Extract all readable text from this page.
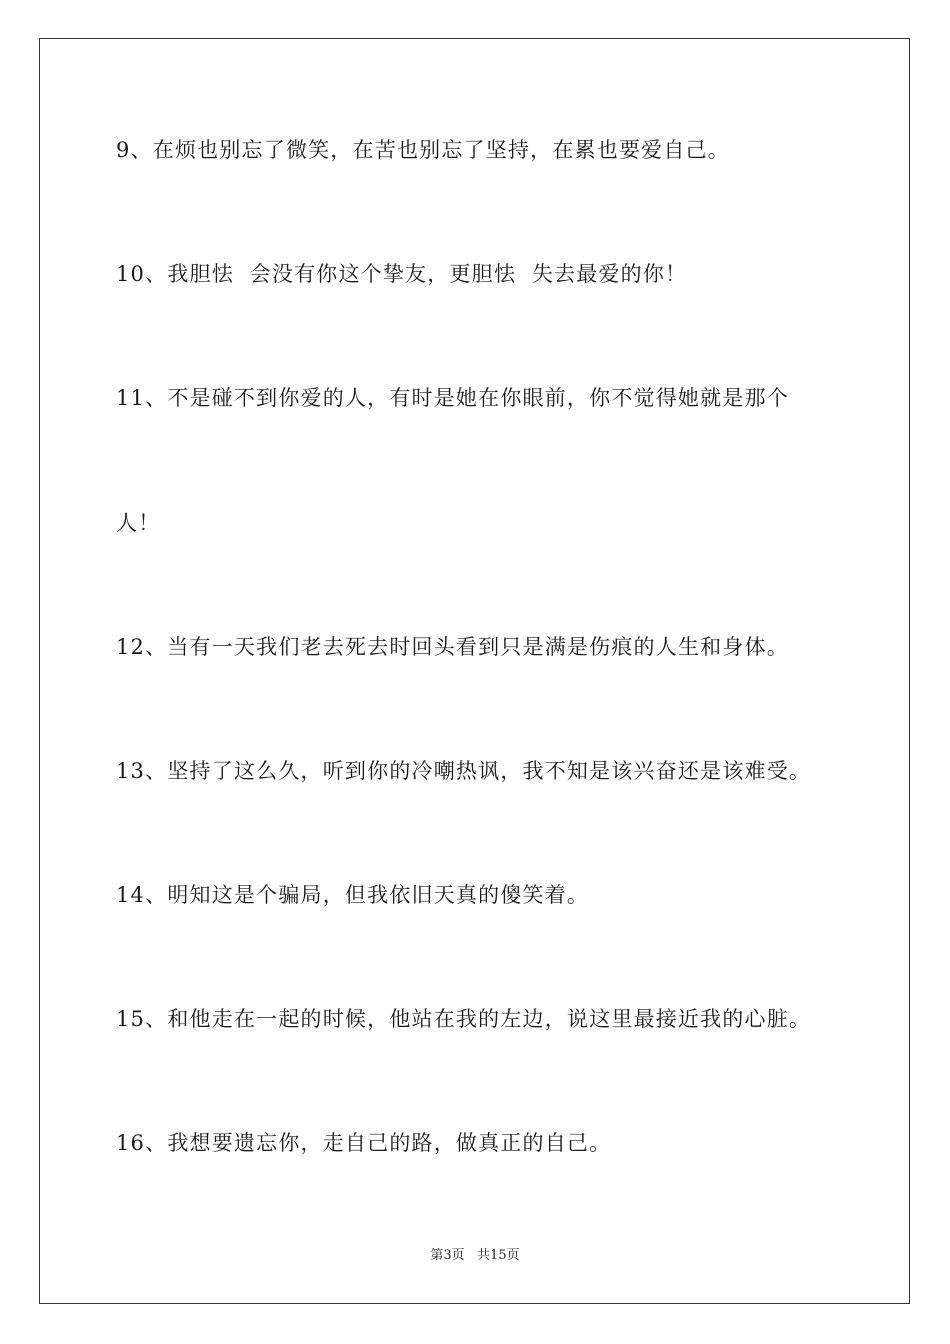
9、在烦也别忘了微笑，在苦也别忘了坚持，在累也要爱自己。
10、我胆怯  会没有你这个挚友，更胆怯  失去最爱的你！
11、不是碰不到你爱的人，有时是她在你眼前，你不觉得她就是那个
人！
12、当有一天我们老去死去时回头看到只是满是伤痕的人生和身体。
13、坚持了这么久，听到你的冷嘲热讽，我不知是该兴奋还是该难受。
14、明知这是个骗局，但我依旧天真的傻笑着。
15、和他走在一起的时候，他站在我的左边，说这里最接近我的心脏。
16、我想要遗忘你，走自己的路，做真正的自己。
第3页   共15页
